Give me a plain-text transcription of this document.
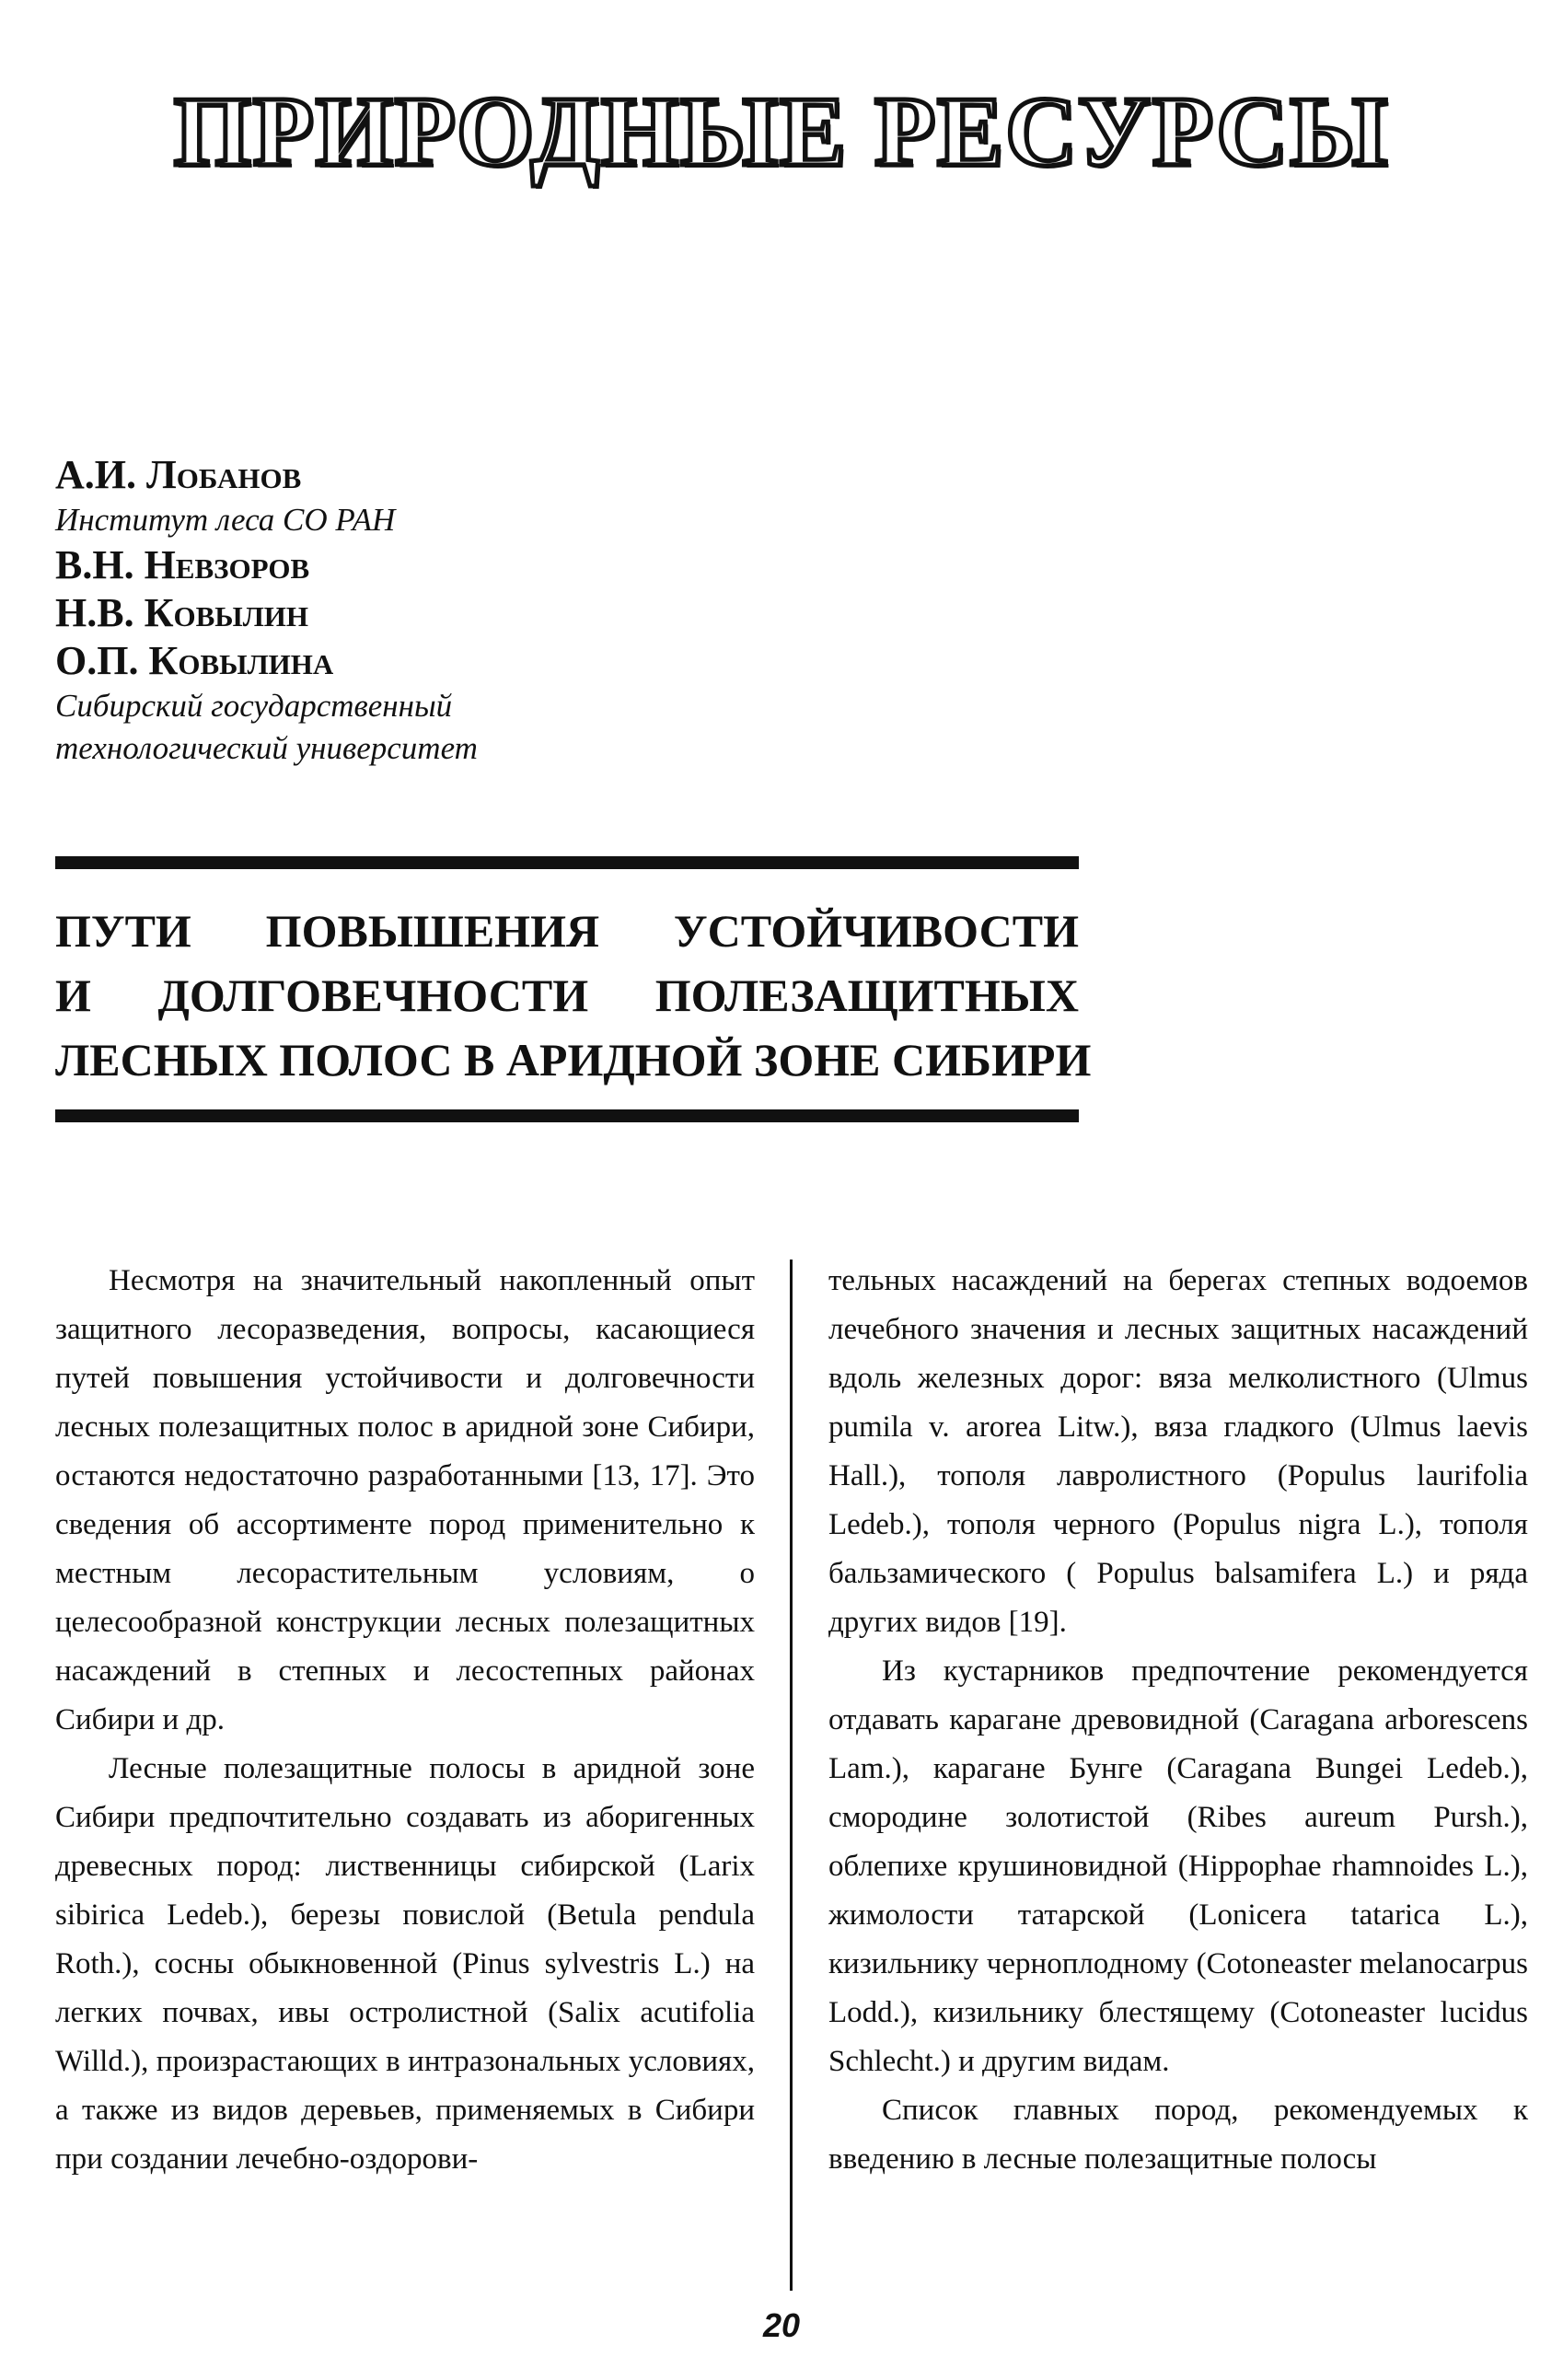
ПРИРОДНЫЕ РЕСУРСЫ

А.И. Лобанов

Институт леса СО РАН

В.Н. Невзоров

Н.В. Ковылин

О.П. Ковылина

Сибирский государственный технологический университет

ПУТИ ПОВЫШЕНИЯ УСТОЙЧИВОСТИ
И ДОЛГОВЕЧНОСТИ ПОЛЕЗАЩИТНЫХ
ЛЕСНЫХ ПОЛОС В АРИДНОЙ ЗОНЕ СИБИРИ

Несмотря на значительный накопленный опыт защитного лесоразведения, вопросы, касающиеся путей повышения устойчивости и долговечности лесных полезащитных полос в аридной зоне Сибири, остаются недостаточно разработанными [13, 17]. Это сведения об ассортименте пород применительно к местным лесорастительным условиям, о целесообразной конструкции лесных полезащитных насаждений в степных и лесостепных районах Сибири и др.

Лесные полезащитные полосы в аридной зоне Сибири предпочтительно создавать из аборигенных древесных пород: лиственницы сибирской (Larix sibirica Ledeb.), березы повислой (Betula pendula Roth.), сосны обыкновенной (Pinus sylvestris L.) на легких почвах, ивы остролистной (Salix acutifolia Willd.), произрастающих в интразональных условиях, а также из видов деревьев, применяемых в Сибири при создании лечебно-оздорови-

тельных насаждений на берегах степных водоемов лечебного значения и лесных защитных насаждений вдоль железных дорог: вяза мелколистного (Ulmus pumila v. arorea Litw.), вяза гладкого (Ulmus laevis Hall.), тополя лавролистного (Populus laurifolia Ledeb.), тополя черного (Populus nigra L.), тополя бальзамического ( Populus balsamifera L.) и ряда других видов [19].

Из кустарников предпочтение рекомендуется отдавать карагане древовидной (Caragana arborescens Lam.), карагане Бунге (Caragana Bungei Ledeb.), смородине золотистой (Ribes aureum Pursh.), облепихе крушиновидной (Hippophae rhamnoides L.), жимолости татарской (Lonicera tatarica L.), кизильнику черноплодному (Cotoneaster melanocarpus Lodd.), кизильнику блестящему (Cotoneaster lucidus Schlecht.) и другим видам.

Список главных пород, рекомендуемых к введению в лесные полезащитные полосы

20
